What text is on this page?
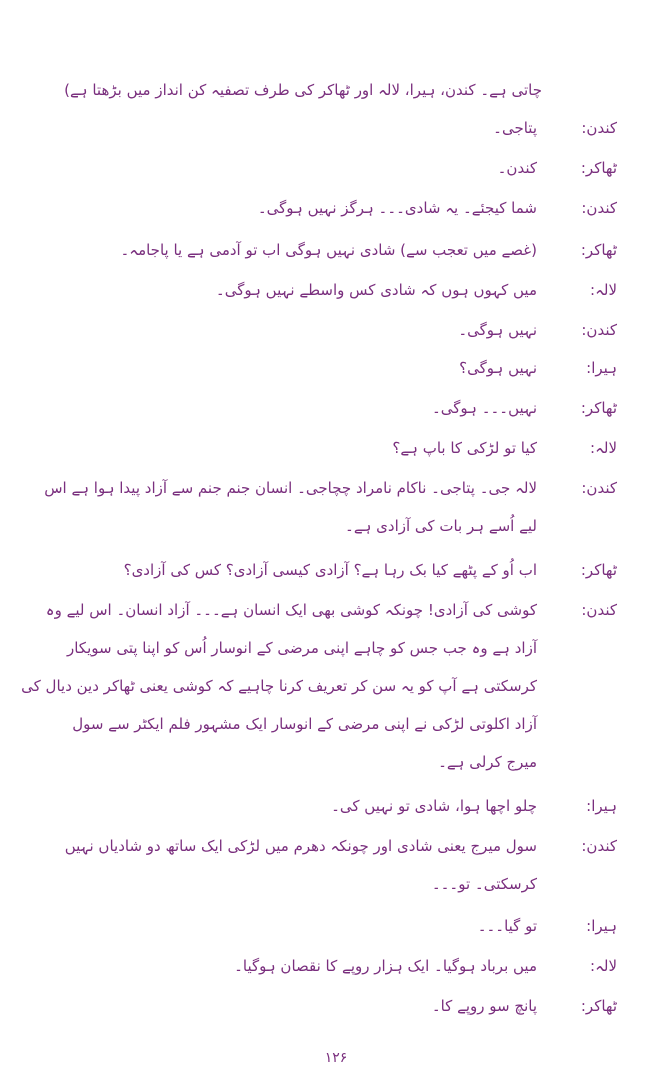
چاتی ہے۔ کندن، ہیرا، لالہ اور ٹھاکر کی طرف تصفیہ کن انداز میں بڑھتا ہے)
کندن:
پتاجی۔
ٹھاکر:
کندن۔
کندن:
شما کیجئے۔ یہ شادی۔۔۔ ہرگز نہیں ہوگی۔
ٹھاکر:
(غصے میں تعجب سے) شادی نہیں ہوگی اب تو آدمی ہے یا پاجامہ۔
لالہ:
میں کہوں ہوں کہ شادی کس واسطے نہیں ہوگی۔
کندن:
نہیں ہوگی۔
ہیرا:
نہیں ہوگی؟
ٹھاکر:
نہیں۔۔۔ ہوگی۔
لالہ:
کیا تو لڑکی کا باپ ہے؟
کندن:
لالہ جی۔ پتاجی۔ ناکام نامراد چچاجی۔ انسان جنم جنم سے آزاد پیدا ہوا ہے اس
لیے اُسے ہر بات کی آزادی ہے۔
ٹھاکر:
اب اُو کے پٹھے کیا بک رہا ہے؟ آزادی کیسی آزادی؟ کس کی آزادی؟
کندن:
کوشی کی آزادی! چونکہ کوشی بھی ایک انسان ہے۔۔۔ آزاد انسان۔ اس لیے وہ
آزاد ہے وہ جب جس کو چاہے اپنی مرضی کے انوسار اُس کو اپنا پتی سویکار
کرسکتی ہے آپ کو یہ سن کر تعریف کرنا چاہیے کہ کوشی یعنی ٹھاکر دین دیال کی
آزاد اکلوتی لڑکی نے اپنی مرضی کے انوسار ایک مشہور فلم ایکٹر سے سول
میرج کرلی ہے۔
ہیرا:
چلو اچھا ہوا، شادی تو نہیں کی۔
کندن:
سول میرج یعنی شادی اور چونکہ دھرم میں لڑکی ایک ساتھ دو شادیاں نہیں
کرسکتی۔ تو۔۔۔
ہیرا:
تو گیا۔۔۔
لالہ:
میں برباد ہوگیا۔ ایک ہزار روپے کا نقصان ہوگیا۔
ٹھاکر:
پانچ سو روپے کا۔
۱۲۶
